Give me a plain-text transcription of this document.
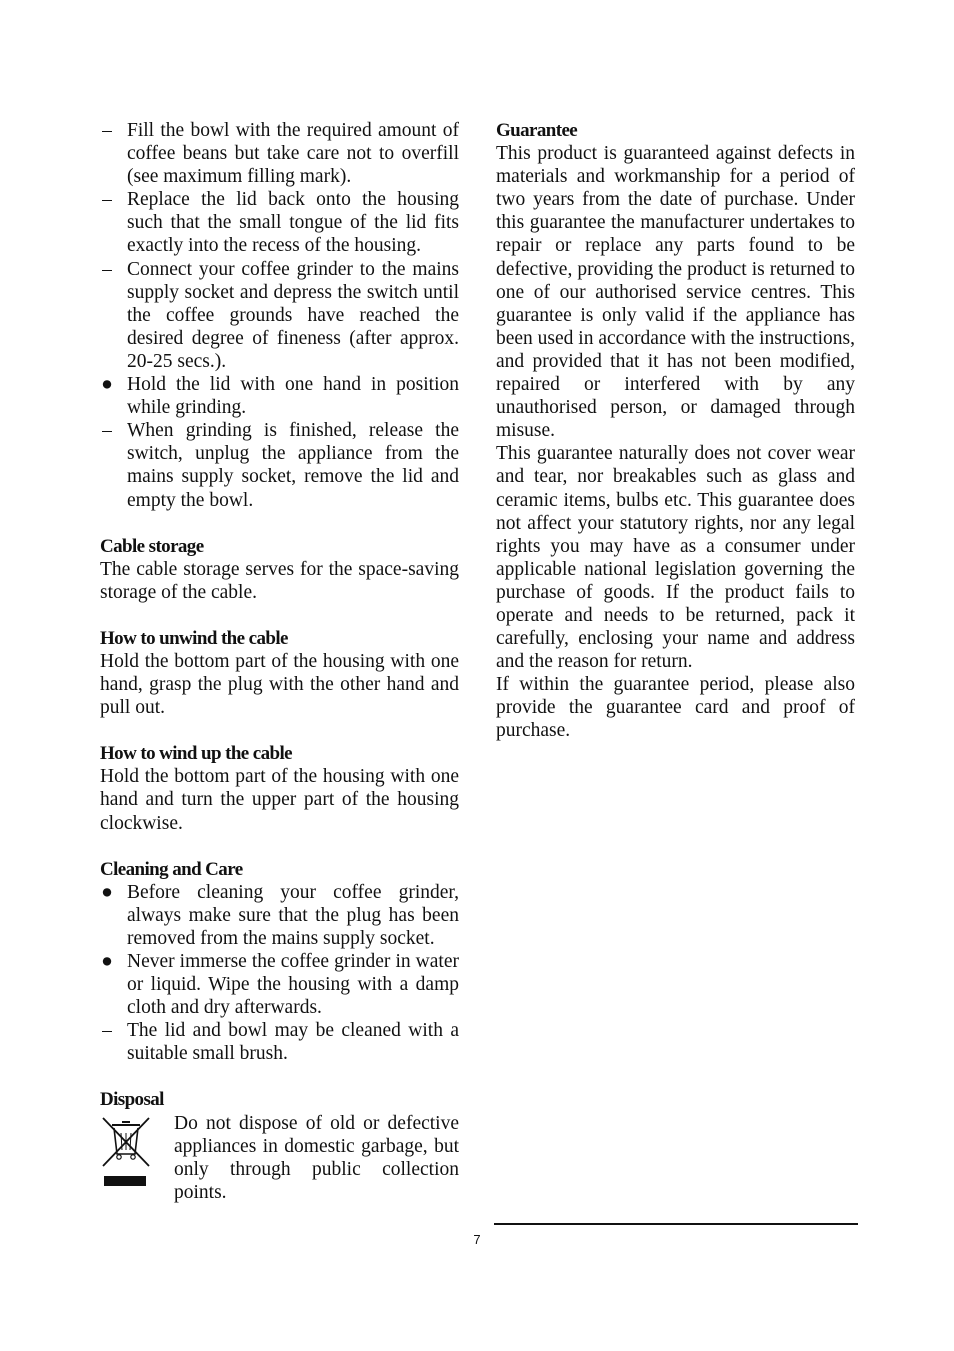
– Fill the bowl with the required amount of coffee beans but take care not to overfill (see maximum filling mark).
– Replace the lid back onto the housing such that the small tongue of the lid fits exactly into the recess of the housing.
– Connect your coffee grinder to the mains supply socket and depress the switch until the coffee grounds have reached the desired degree of fineness (after approx. 20-25 secs.).
● Hold the lid with one hand in position while grinding.
– When grinding is finished, release the switch, unplug the appliance from the mains supply socket, remove the lid and empty the bowl.
Cable storage

The cable storage serves for the space-saving storage of the cable.

How to unwind the cable

Hold the bottom part of the housing with one hand, grasp the plug with the other hand and pull out.

How to wind up the cable

Hold the bottom part of the housing with one hand and turn the upper part of the housing clockwise.

Cleaning and Care
● Before cleaning your coffee grinder, always make sure that the plug has been removed from the mains supply socket.
● Never immerse the coffee grinder in water or liquid. Wipe the housing with a damp cloth and dry afterwards.
– The lid and bowl may be cleaned with a suitable small brush.
Disposal

Do not dispose of old or defective appliances in domestic garbage, but only through public collection points.

Guarantee

This product is guaranteed against defects in materials and workmanship for a period of two years from the date of purchase. Under this guarantee the manufacturer undertakes to repair or replace any parts found to be defective, providing the product is returned to one of our authorised service centres. This guarantee is only valid if the appliance has been used in accordance with the instructions, and provided that it has not been modified, repaired or interfered with by any unauthorised person, or damaged through misuse.

This guarantee naturally does not cover wear and tear, nor breakables such as glass and ceramic items, bulbs etc. This guarantee does not affect your statutory rights, nor any legal rights you may have as a consumer under applicable national legislation governing the purchase of goods. If the product fails to operate and needs to be returned, pack it carefully, enclosing your name and address and the reason for return.

If within the guarantee period, please also provide the guarantee card and proof of purchase.

7
